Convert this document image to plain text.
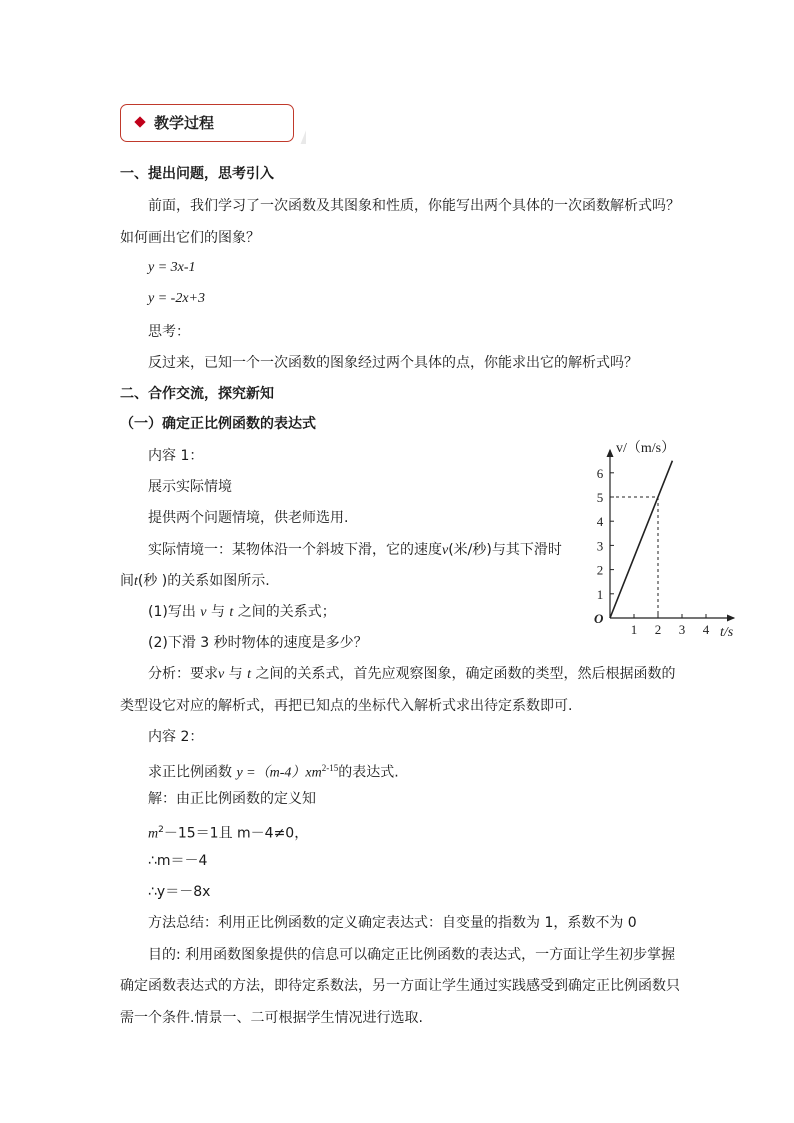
教学过程
一、提出问题，思考引入
前面，我们学习了一次函数及其图象和性质，你能写出两个具体的一次函数解析式吗？
如何画出它们的图象？
y = 3x-1
y = -2x+3
思考：
反过来，已知一个一次函数的图象经过两个具体的点，你能求出它的解析式吗？
二、合作交流，探究新知
（一）确定正比例函数的表达式
内容 1：
展示实际情境
提供两个问题情境，供老师选用.
实际情境一：某物体沿一个斜坡下滑，它的速度v(米/秒)与其下滑时
间t(秒 )的关系如图所示.
(1)写出 v 与 t 之间的关系式；
(2)下滑 3 秒时物体的速度是多少？
分析：要求v 与 t 之间的关系式，首先应观察图象，确定函数的类型，然后根据函数的
类型设它对应的解析式，再把已知点的坐标代入解析式求出待定系数即可.
内容 2：
求正比例函数 $y =(m-4)xm^{2-15}$的表达式.
解：由正比例函数的定义知
$m^2-15=1$且 m－4≠0，
∴m＝－4
∴y＝－8x
方法总结：利用正比例函数的定义确定表达式：自变量的指数为 1，系数不为 0
目的: 利用函数图象提供的信息可以确定正比例函数的表达式，一方面让学生初步掌握
确定函数表达式的方法，即待定系数法，另一方面让学生通过实践感受到确定正比例函数只
需一个条件.情景一、二可根据学生情况进行选取.
1 2 3 4
1
2
3
4
5
6
O
t/s
v/（m/s）
